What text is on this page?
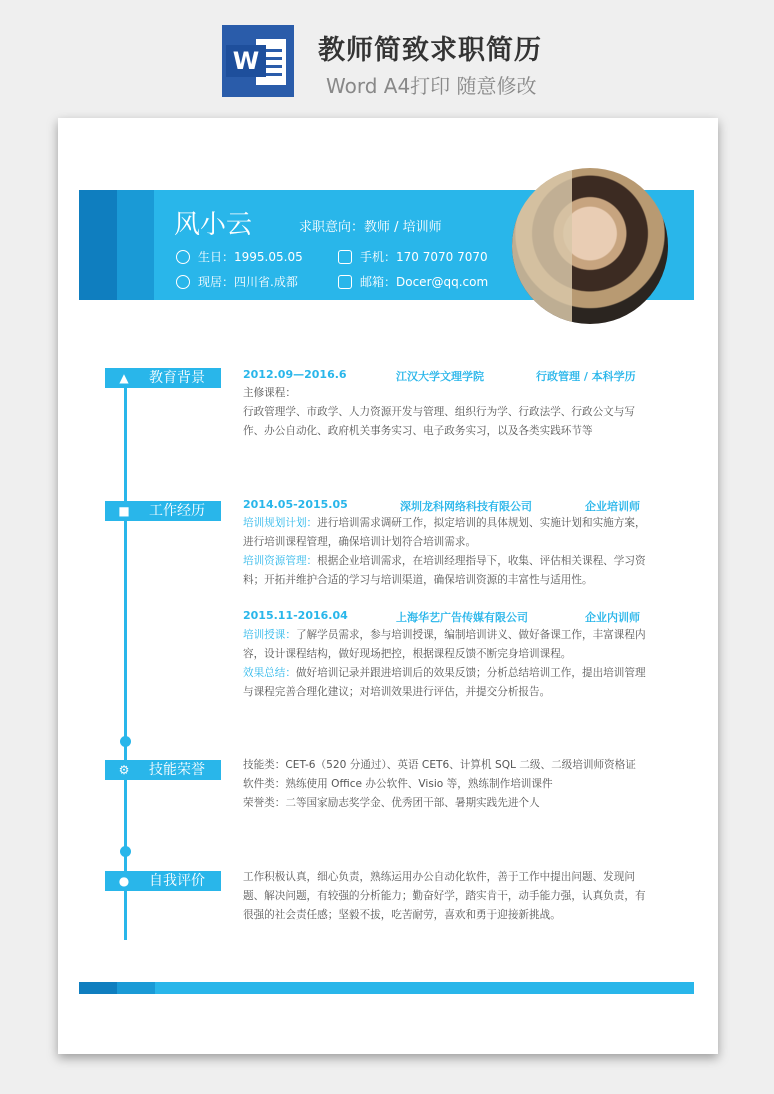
W 教师简致求职简历
Word A4打印 随意修改
风小云	求职意向：教师 / 培训师
生日：1995.05.05	手机：170 7070 7070
现居：四川省.成都	邮箱：Docer@qq.com
▲ 教育背景	2012.09—2016.6	江汉大学文理学院	行政管理 / 本科学历
主修课程：
行政管理学、市政学、人力资源开发与管理、组织行为学、行政法学、行政公文与写作、办公自动化、政府机关事务实习、电子政务实习，以及各类实践环节等
■ 工作经历	2014.05-2015.05	深圳龙科网络科技有限公司	企业培训师
培训规划计划：进行培训需求调研工作，拟定培训的具体规划、实施计划和实施方案，进行培训课程管理，确保培训计划符合培训需求。
培训资源管理：根据企业培训需求，在培训经理指导下，收集、评估相关课程、学习资料；开拓并维护合适的学习与培训渠道，确保培训资源的丰富性与适用性。
2015.11-2016.04	上海华艺广告传媒有限公司	企业内训师
培训授课：了解学员需求，参与培训授课，编制培训讲义、做好备课工作，丰富课程内容，设计课程结构，做好现场把控，根据课程反馈不断完身培训课程。
效果总结：做好培训记录并跟进培训后的效果反馈；分析总结培训工作，提出培训管理与课程完善合理化建议；对培训效果进行评估，并提交分析报告。
⚙ 技能荣誉	技能类：CET-6（520 分通过）、英语 CET6、计算机 SQL 二级、二级培训师资格证
软件类：熟练使用 Office 办公软件、Visio 等，熟练制作培训课件
荣誉类：二等国家励志奖学金、优秀团干部、暑期实践先进个人
● 自我评价	工作积极认真，细心负责，熟练运用办公自动化软件，善于工作中提出问题、发现问题、解决问题，有较强的分析能力；勤奋好学，踏实肯干，动手能力强，认真负责，有很强的社会责任感；坚毅不拔，吃苦耐劳，喜欢和勇于迎接新挑战。
